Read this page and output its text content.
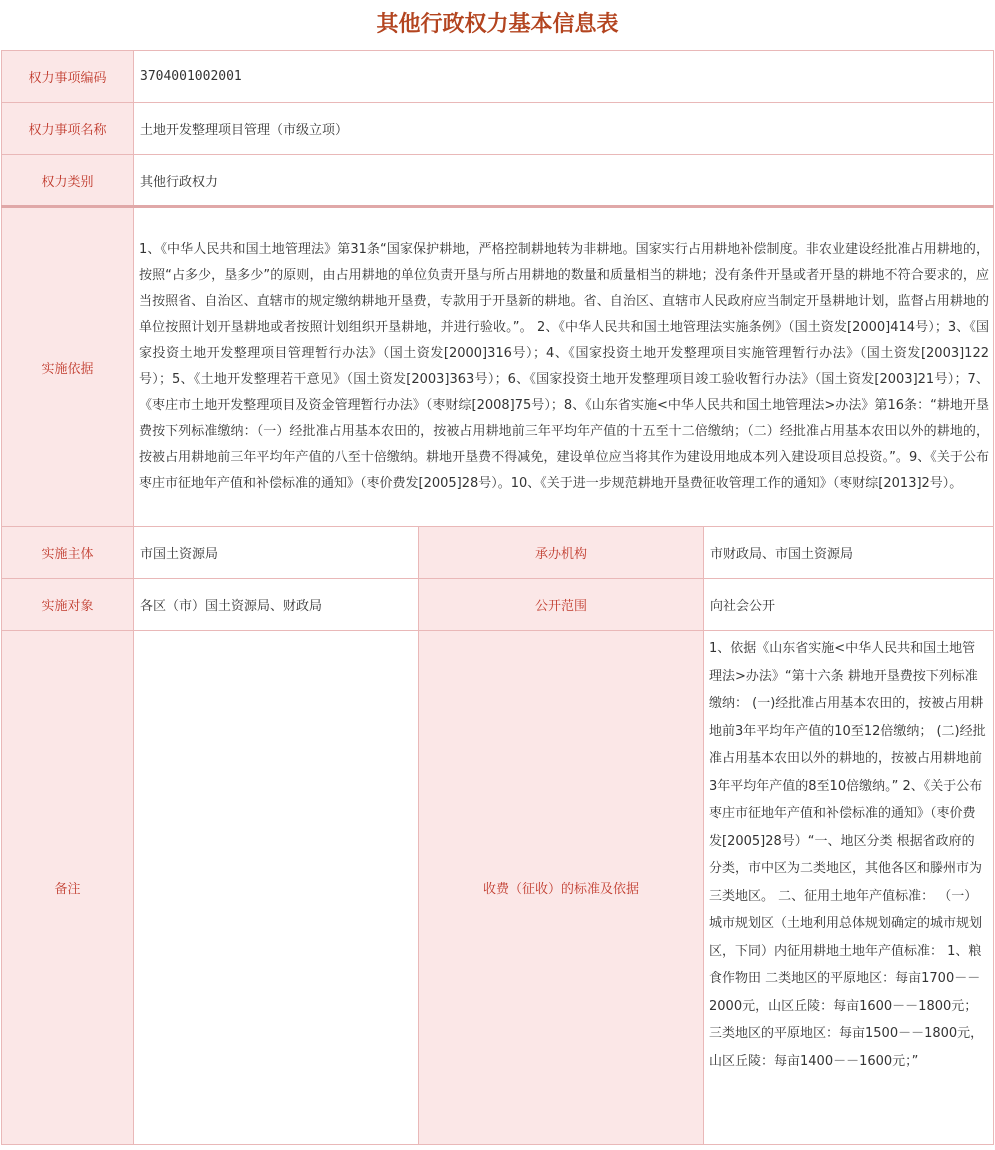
其他行政权力基本信息表
权力事项编码	3704001002001		
权力事项名称	土地开发整理项目管理（市级立项）		
权力类别	其他行政权力		
实施依据	1、《中华人民共和国土地管理法》第31条“国家保护耕地，严格控制耕地转为非耕地。国家实行占用耕地补偿制度。非农业建设经批准占用耕地的，按照“占多少，垦多少”的原则，由占用耕地的单位负责开垦与所占用耕地的数量和质量相当的耕地；没有条件开垦或者开垦的耕地不符合要求的，应当按照省、自治区、直辖市的规定缴纳耕地开垦费，专款用于开垦新的耕地。省、自治区、直辖市人民政府应当制定开垦耕地计划，监督占用耕地的单位按照计划开垦耕地或者按照计划组织开垦耕地，并进行验收。”。 2、《中华人民共和国土地管理法实施条例》（国土资发[2000]414号）；3、《国家投资土地开发整理项目管理暂行办法》（国土资发[2000]316号）；4、《国家投资土地开发整理项目实施管理暂行办法》（国土资发[2003]122号）；5、《土地开发整理若干意见》（国土资发[2003]363号）；6、《国家投资土地开发整理项目竣工验收暂行办法》（国土资发[2003]21号）；7、《枣庄市土地开发整理项目及资金管理暂行办法》（枣财综[2008]75号）；8、《山东省实施<中华人民共和国土地管理法>办法》第16条：“耕地开垦费按下列标准缴纳：（一）经批准占用基本农田的，按被占用耕地前三年平均年产值的十五至十二倍缴纳；（二）经批准占用基本农田以外的耕地的，按被占用耕地前三年平均年产值的八至十倍缴纳。耕地开垦费不得减免，建设单位应当将其作为建设用地成本列入建设项目总投资。”。9、《关于公布枣庄市征地年产值和补偿标准的通知》（枣价费发[2005]28号）。10、《关于进一步规范耕地开垦费征收管理工作的通知》（枣财综[2013]2号）。		
实施主体	市国土资源局	承办机构	市财政局、市国土资源局
实施对象	各区（市）国土资源局、财政局	公开范围	向社会公开
备注		收费（征收）的标准及依据	1、依据《山东省实施<中华人民共和国土地管理法>办法》“第十六条 耕地开垦费按下列标准缴纳： (一)经批准占用基本农田的，按被占用耕地前3年平均年产值的10至12倍缴纳； (二)经批准占用基本农田以外的耕地的，按被占用耕地前3年平均年产值的8至10倍缴纳。” 2、《关于公布枣庄市征地年产值和补偿标准的通知》（枣价费发[2005]28号）“一、地区分类 根据省政府的分类，市中区为二类地区，其他各区和滕州市为三类地区。 二、征用土地年产值标准： （一）城市规划区（土地利用总体规划确定的城市规划区，下同）内征用耕地土地年产值标准： 1、粮食作物田 二类地区的平原地区：每亩1700－－2000元，山区丘陵：每亩1600－－1800元； 三类地区的平原地区：每亩1500－－1800元，山区丘陵：每亩1400－－1600元；”
